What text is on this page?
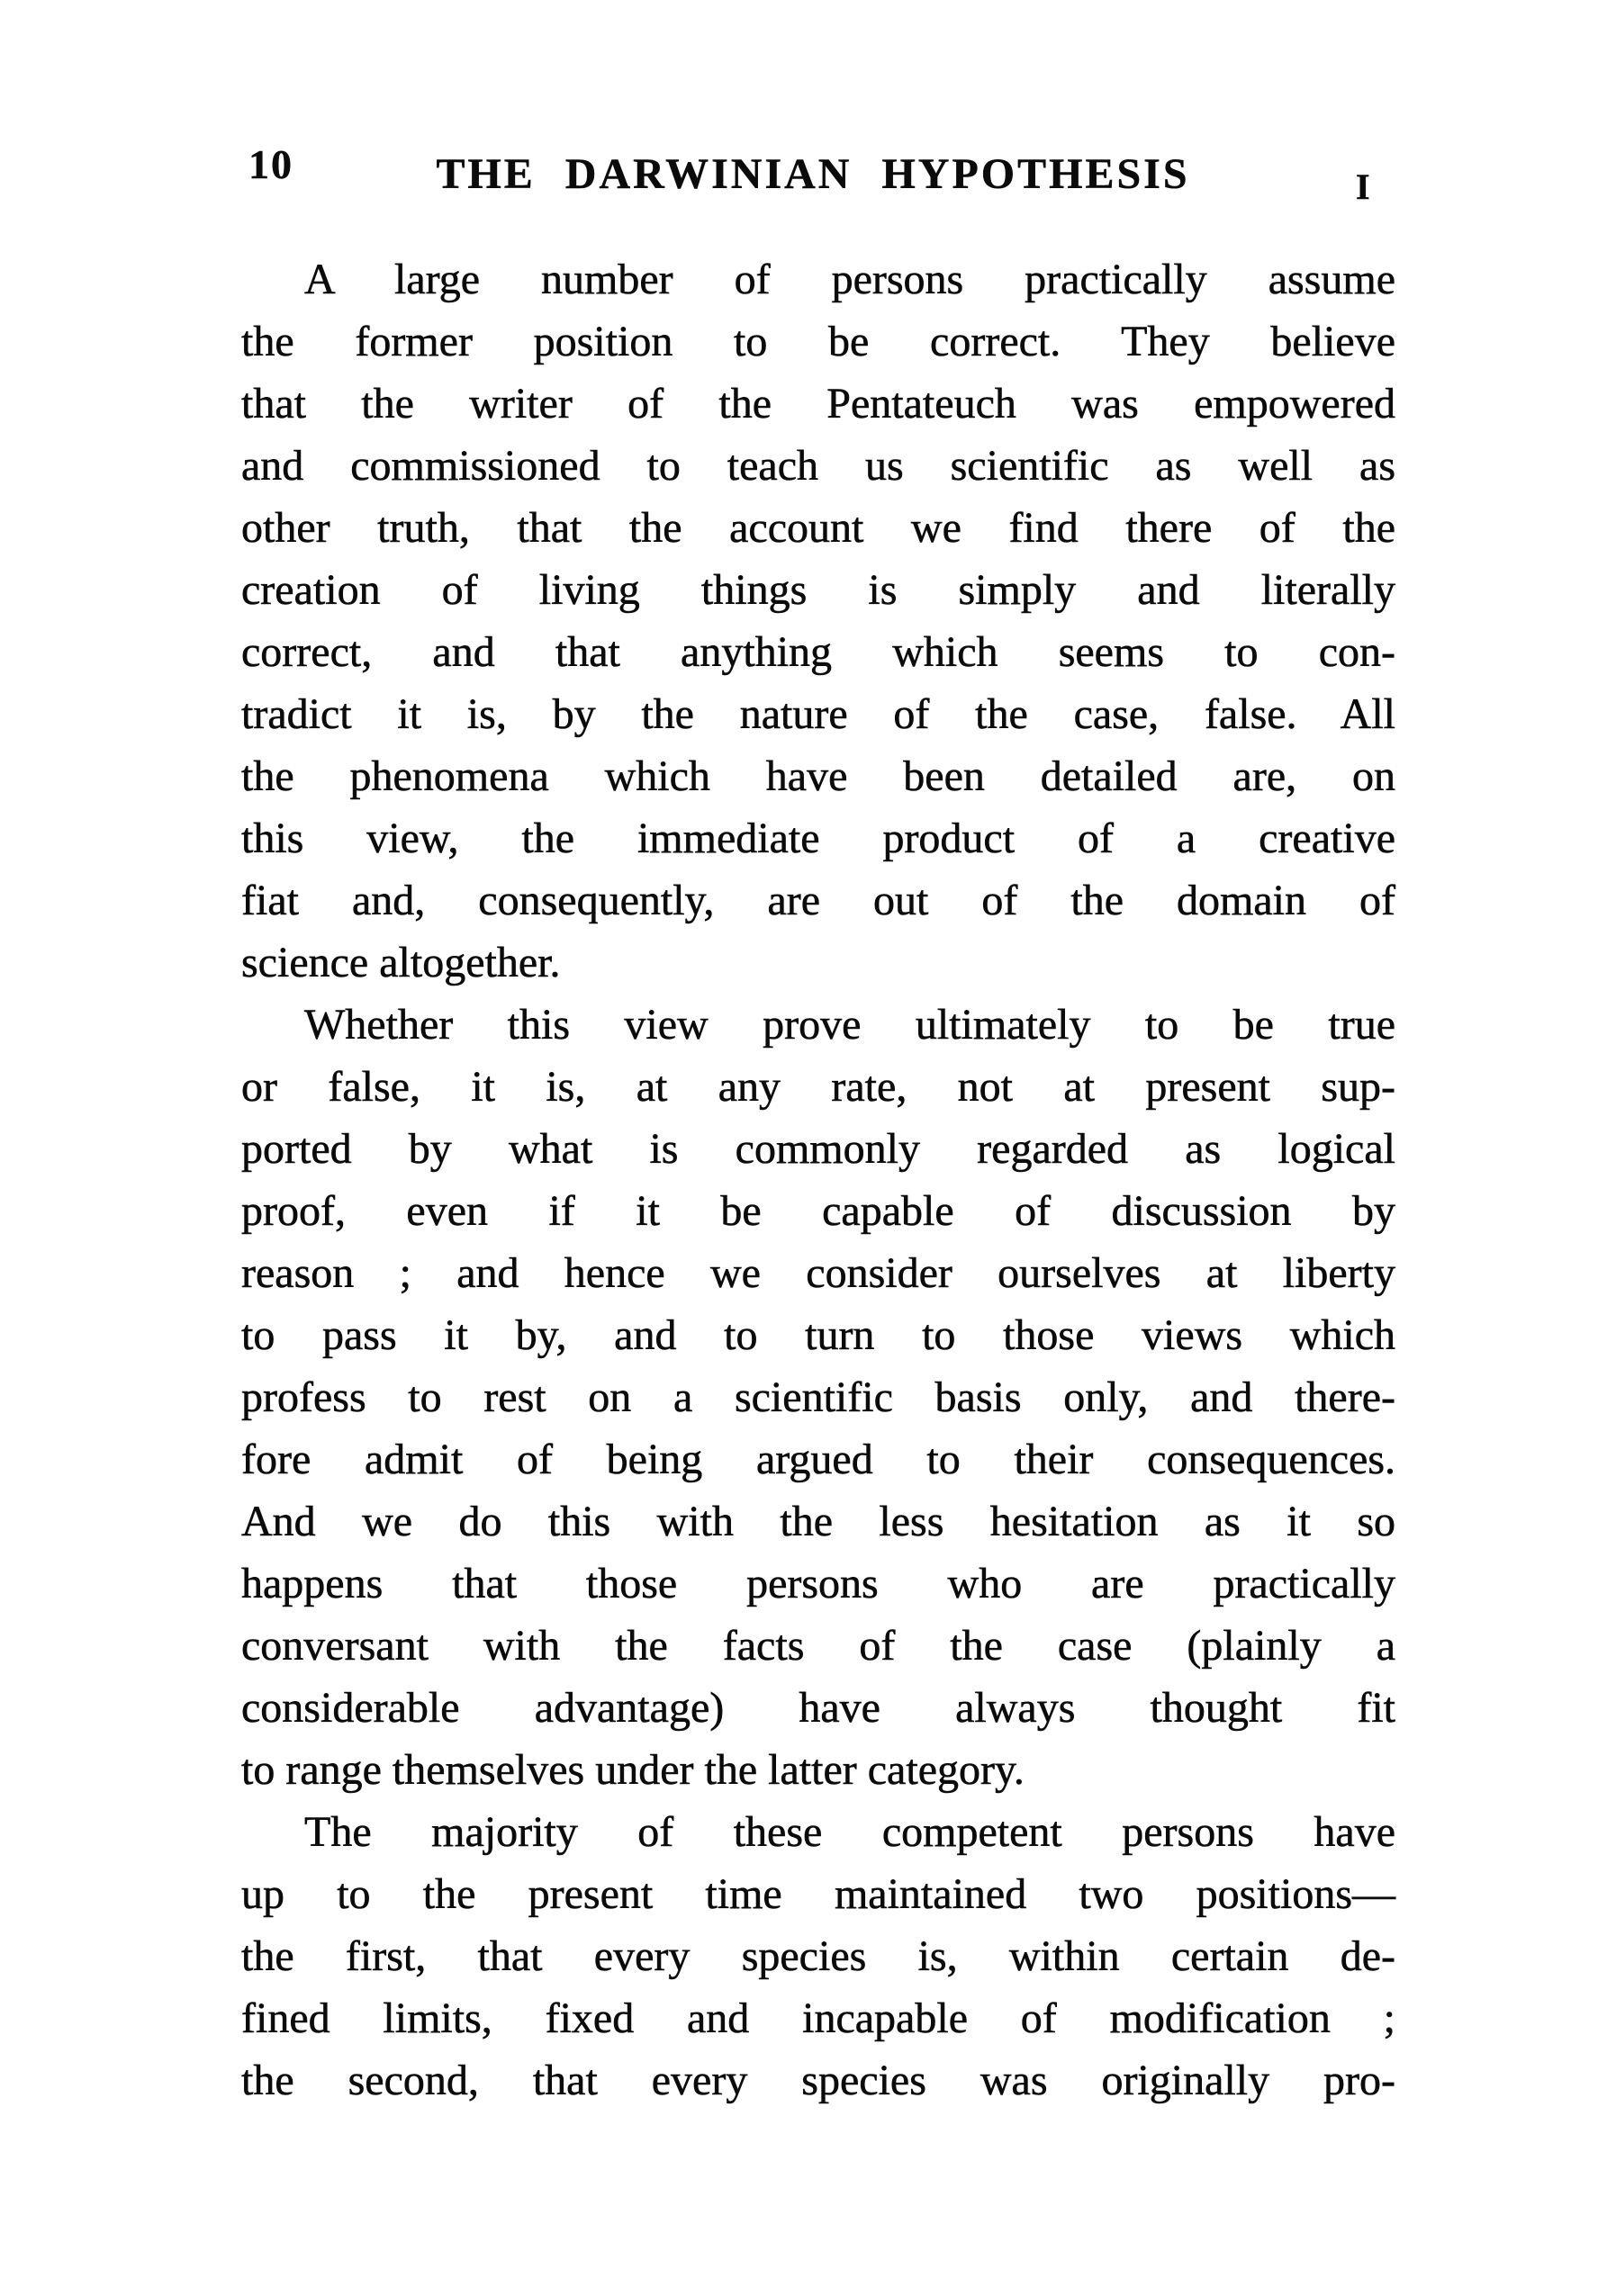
10	THE DARWINIAN HYPOTHESIS	I
A large number of persons practically assume
the former position to be correct. They believe
that the writer of the Pentateuch was empowered
and commissioned to teach us scientific as well as
other truth, that the account we find there of the
creation of living things is simply and literally
correct, and that anything which seems to con-
tradict it is, by the nature of the case, false. All
the phenomena which have been detailed are, on
this view, the immediate product of a creative
fiat and, consequently, are out of the domain of
science altogether.
Whether this view prove ultimately to be true
or false, it is, at any rate, not at present sup-
ported by what is commonly regarded as logical
proof, even if it be capable of discussion by
reason ; and hence we consider ourselves at liberty
to pass it by, and to turn to those views which
profess to rest on a scientific basis only, and there-
fore admit of being argued to their consequences.
And we do this with the less hesitation as it so
happens that those persons who are practically
conversant with the facts of the case (plainly a
considerable advantage) have always thought fit
to range themselves under the latter category.
The majority of these competent persons have
up to the present time maintained two positions—
the first, that every species is, within certain de-
fined limits, fixed and incapable of modification ;
the second, that every species was originally pro-
